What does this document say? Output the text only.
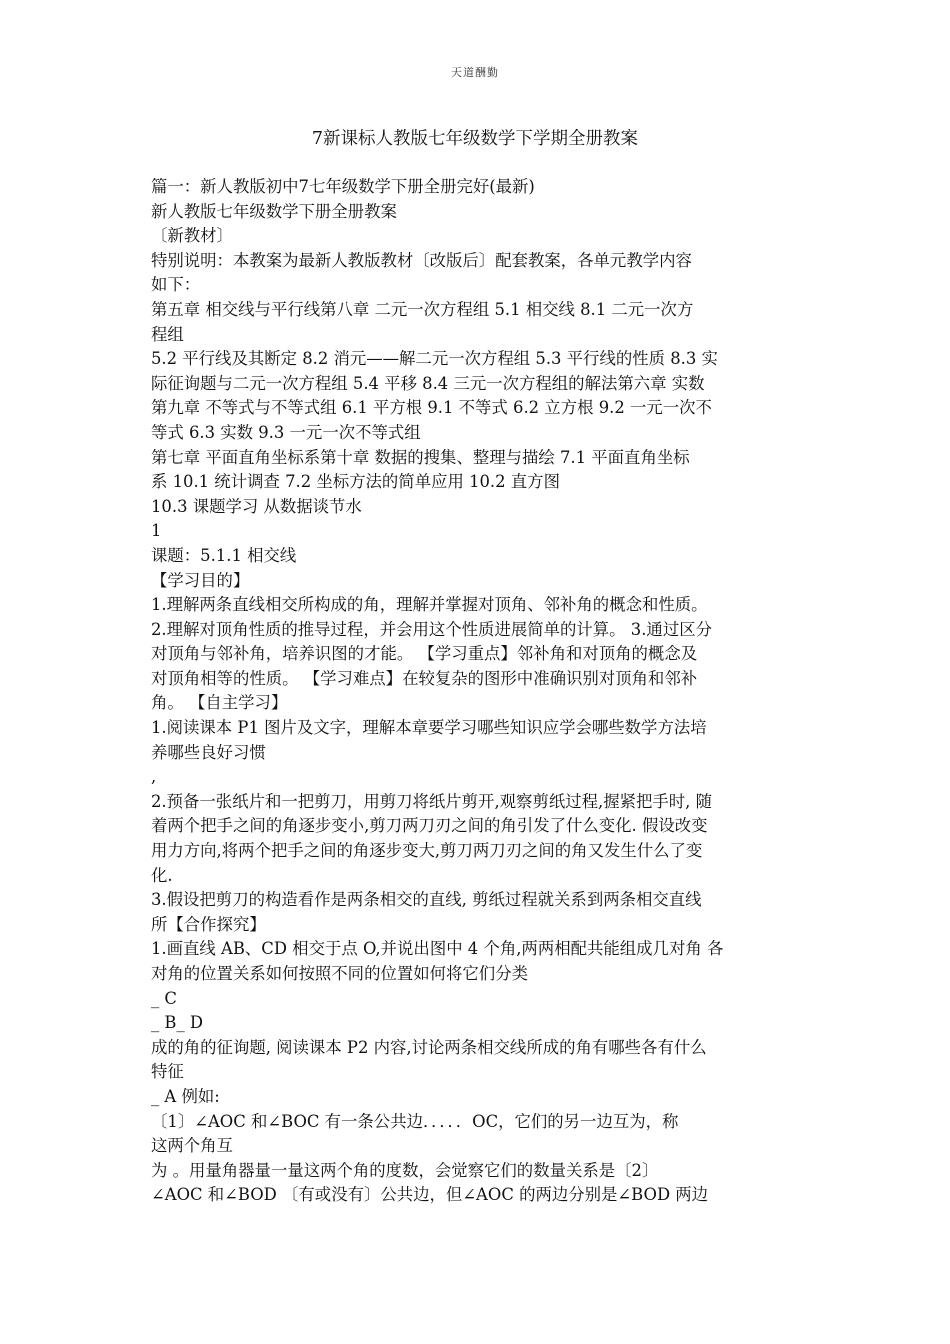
天道酬勤
7新课标人教版七年级数学下学期全册教案
篇一：新人教版初中7七年级数学下册全册完好(最新)
新人教版七年级数学下册全册教案
〔新教材〕
特别说明：本教案为最新人教版教材〔改版后〕配套教案，各单元教学内容
如下：
第五章 相交线与平行线第八章 二元一次方程组 5.1 相交线 8.1 二元一次方
程组
5.2 平行线及其断定 8.2 消元——解二元一次方程组 5.3 平行线的性质 8.3 实
际征询题与二元一次方程组 5.4 平移 8.4 三元一次方程组的解法第六章 实数
第九章 不等式与不等式组 6.1 平方根 9.1 不等式 6.2 立方根 9.2 一元一次不
等式 6.3 实数 9.3 一元一次不等式组
第七章 平面直角坐标系第十章 数据的搜集、整理与描绘 7.1 平面直角坐标
系 10.1 统计调查 7.2 坐标方法的简单应用 10.2 直方图
10.3 课题学习 从数据谈节水
1
课题：5.1.1 相交线
【学习目的】
1.理解两条直线相交所构成的角，理解并掌握对顶角、邻补角的概念和性质。
2.理解对顶角性质的推导过程，并会用这个性质进展简单的计算。 3.通过区分
对顶角与邻补角，培养识图的才能。 【学习重点】邻补角和对顶角的概念及
对顶角相等的性质。 【学习难点】在较复杂的图形中准确识别对顶角和邻补
角。 【自主学习】
1.阅读课本 P1 图片及文字，理解本章要学习哪些知识应学会哪些数学方法培
养哪些良好习惯
,
2.预备一张纸片和一把剪刀，用剪刀将纸片剪开,观察剪纸过程,握紧把手时, 随
着两个把手之间的角逐步变小,剪刀两刀刃之间的角引发了什么变化. 假设改变
用力方向,将两个把手之间的角逐步变大,剪刀两刀刃之间的角又发生什么了变
化.
3.假设把剪刀的构造看作是两条相交的直线, 剪纸过程就关系到两条相交直线
所【合作探究】
1.画直线 AB、CD 相交于点 O,并说出图中 4 个角,两两相配共能组成几对角 各
对角的位置关系如何按照不同的位置如何将它们分类
_ C
_ B_ D
成的角的征询题, 阅读课本 P2 内容,讨论两条相交线所成的角有哪些各有什么
特征
_ A 例如:
〔1〕∠AOC 和∠BOC 有一条公共边．．．．．OC，它们的另一边互为，称
这两个角互
为 。用量角器量一量这两个角的度数，会觉察它们的数量关系是〔2〕
∠AOC 和∠BOD 〔有或没有〕公共边，但∠AOC 的两边分别是∠BOD 两边
